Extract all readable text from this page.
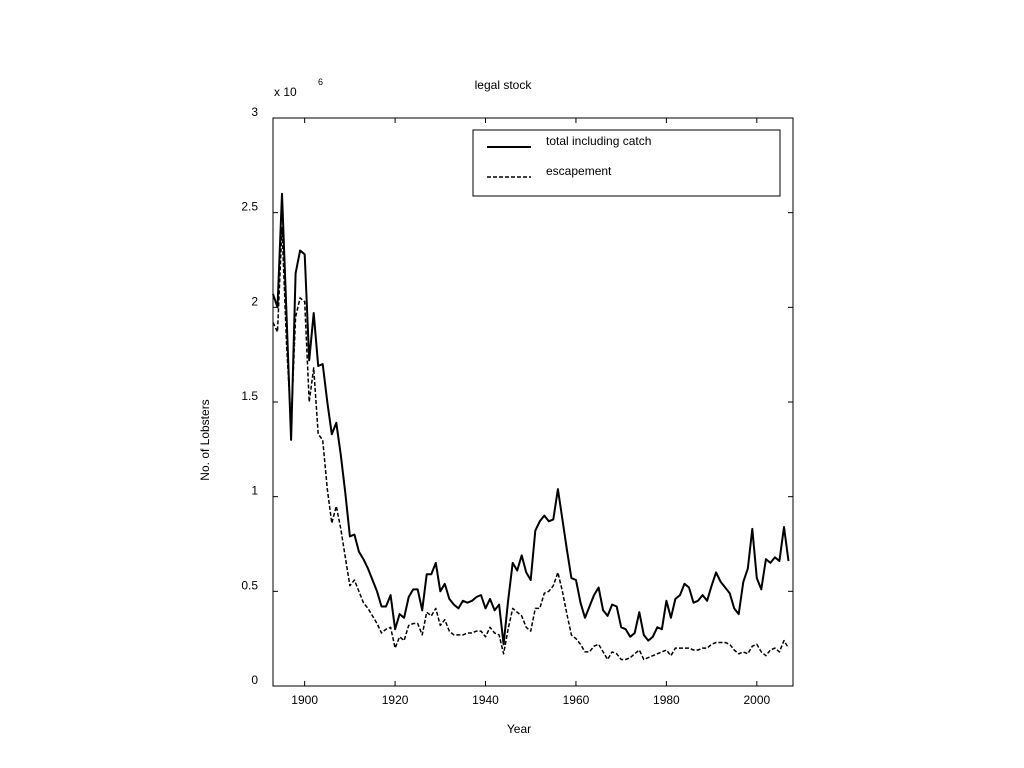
legal stock
x 10
6
1900	1920	1940	1960	1980	2000
0
0.5
1
1.5
2
2.5
3
Year
No. of Lobsters
total including catch
escapement
